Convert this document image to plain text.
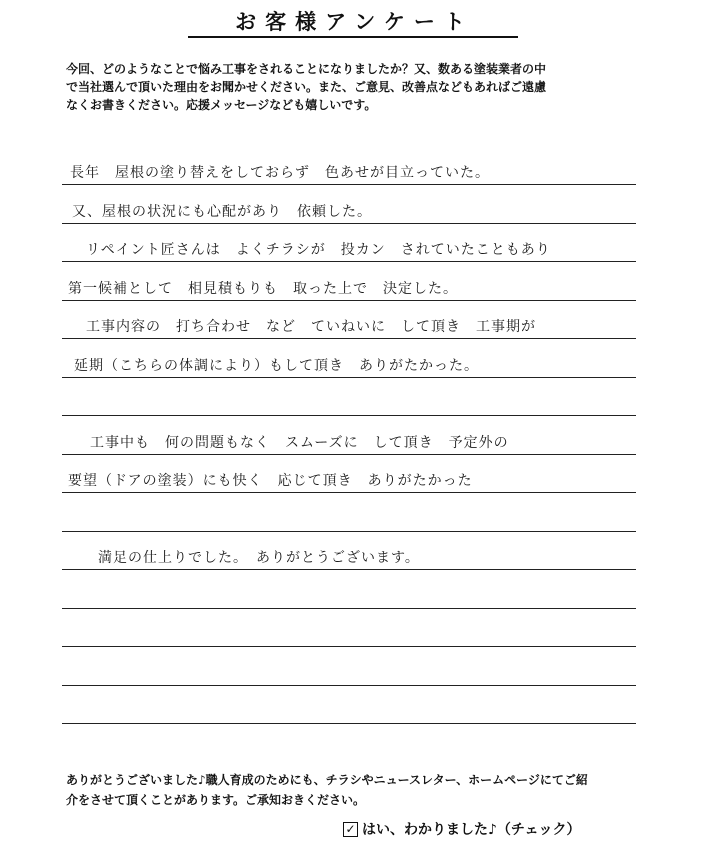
お客様アンケート
今回、どのようなことで悩み工事をされることになりましたか？又、数ある塗装業者の中
で当社選んで頂いた理由をお聞かせください。また、ご意見、改善点などもあればご遠慮
なくお書きください。応援メッセージなども嬉しいです。
長年　屋根の塗り替えをしておらず　色あせが目立っていた。
又、屋根の状況にも心配があり　依頼した。
リペイント匠さんは　よくチラシが　投カン　されていたこともあり
第一候補として　相見積もりも　取った上で　決定した。
工事内容の　打ち合わせ　など　ていねいに　して頂き　工事期が
延期（こちらの体調により）もして頂き　ありがたかった。
工事中も　何の問題もなく　スムーズに　して頂き　予定外の
要望（ドアの塗装）にも快く　応じて頂き　ありがたかった
満足の仕上りでした。　ありがとうございます。
ありがとうございました♪職人育成のためにも、チラシやニュースレター、ホームページにてご紹
介をさせて頂くことがあります。ご承知おきください。
✓ はい、わかりました♪（チェック）
